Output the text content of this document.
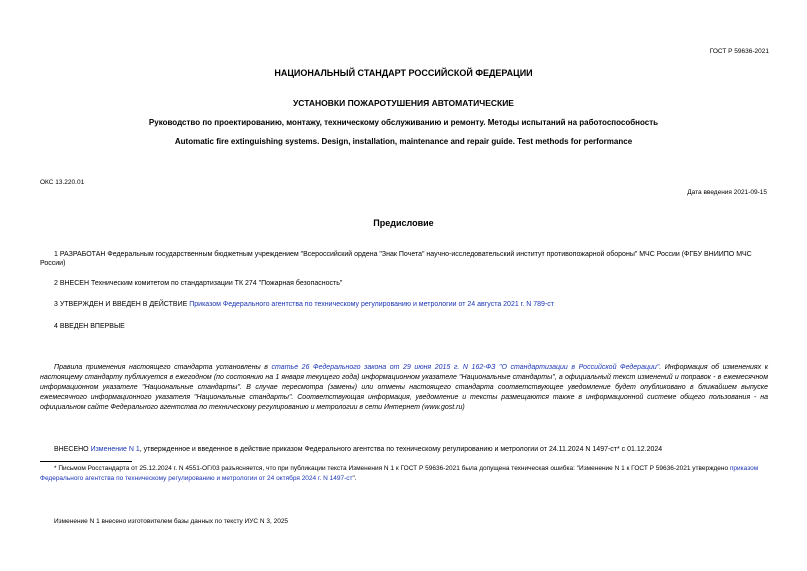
ГОСТ Р 59636-2021
НАЦИОНАЛЬНЫЙ СТАНДАРТ РОССИЙСКОЙ ФЕДЕРАЦИИ
УСТАНОВКИ ПОЖАРОТУШЕНИЯ АВТОМАТИЧЕСКИЕ
Руководство по проектированию, монтажу, техническому обслуживанию и ремонту. Методы испытаний на работоспособность
Automatic fire extinguishing systems. Design, installation, maintenance and repair guide. Test methods for performance
ОКС 13.220.01
Дата введения 2021-09-15
Предисловие
1 РАЗРАБОТАН Федеральным государственным бюджетным учреждением "Всероссийский ордена "Знак Почета" научно-исследовательский институт противопожарной обороны" МЧС России (ФГБУ ВНИИПО МЧС России)
2 ВНЕСЕН Техническим комитетом по стандартизации ТК 274 "Пожарная безопасность"
3 УТВЕРЖДЕН И ВВЕДЕН В ДЕЙСТВИЕ Приказом Федерального агентства по техническому регулированию и метрологии от 24 августа 2021 г. N 789-ст
4 ВВЕДЕН ВПЕРВЫЕ
Правила применения настоящего стандарта установлены в статье 26 Федерального закона от 29 июня 2015 г. N 162-ФЗ "О стандартизации в Российской Федерации". Информация об изменениях к настоящему стандарту публикуется в ежегодном (по состоянию на 1 января текущего года) информационном указателе "Национальные стандарты", а официальный текст изменений и поправок - в ежемесячном информационном указателе "Национальные стандарты". В случае пересмотра (замены) или отмены настоящего стандарта соответствующее уведомление будет опубликовано в ближайшем выпуске ежемесячного информационного указателя "Национальные стандарты". Соответствующая информация, уведомление и тексты размещаются также в информационной системе общего пользования - на официальном сайте Федерального агентства по техническому регулированию и метрологии в сети Интернет (www.gost.ru)
ВНЕСЕНО Изменение N 1, утвержденное и введенное в действие приказом Федерального агентства по техническому регулированию и метрологии от 24.11.2024 N 1497-ст* с 01.12.2024
* Письмом Росстандарта от 25.12.2024 г. N 4551-ОГ/03 разъясняется, что при публикации текста Изменения N 1 к ГОСТ Р 59636-2021 была допущена техническая ошибка: "Изменение N 1 к ГОСТ Р 59636-2021 утверждено приказом Федерального агентства по техническому регулированию и метрологии от 24 октября 2024 г. N 1497-ст".
Изменение N 1 внесено изготовителем базы данных по тексту ИУС N 3, 2025
